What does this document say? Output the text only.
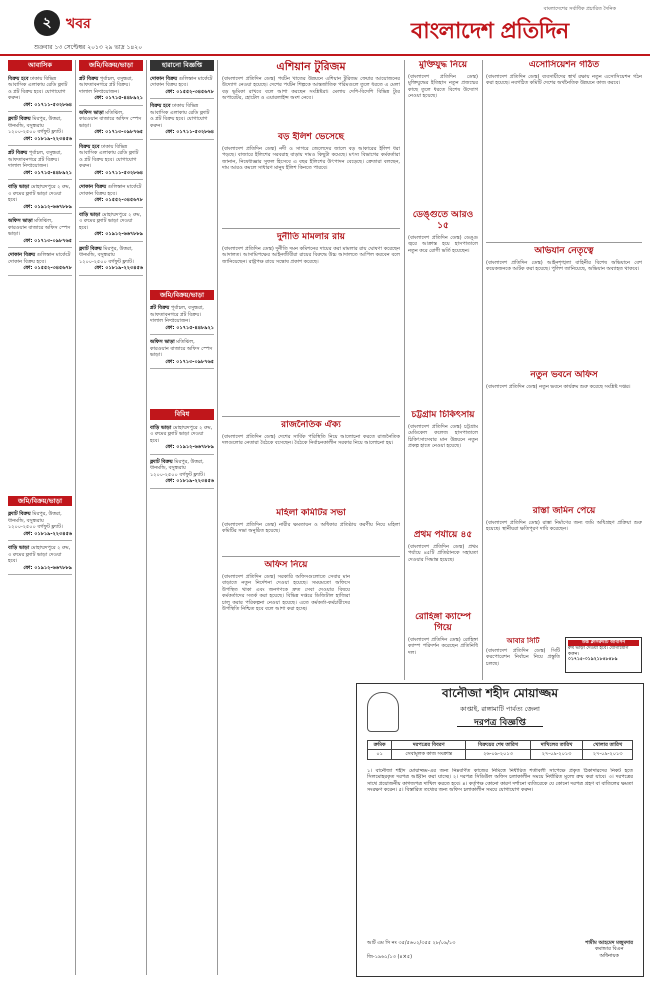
২	খবর
শুক্রবার ১৩ সেপ্টেম্বর ২০১৩ ২৯ ভাদ্র ১৪২০
বাংলাদেশের সর্বাধিক প্রচারিত দৈনিক
বাংলাদেশ প্রতিদিন
আবাসিক
বিক্রয় হবে ঢাকায় বিভিন্ন আবাসিক এলাকায় রেডি ফ্ল্যাট ও প্লট বিক্রয় হবে। যোগাযোগ করুন।
ফো: ০১৭১১-৫৩২৮৬৪
ফ্ল্যাট বিক্রয় মিরপুর, উত্তরা, ধানমন্ডি, বসুন্ধরায় ১২০০-২৫০০ বর্গফুট ফ্ল্যাট।
ফো: ০১৮১৯-২২৩৪৫৬
প্লট বিক্রয় পূর্বাচল, বসুন্ধরা, আফতাবনগরে প্লট বিক্রয়। দালাল নিষ্প্রয়োজন।
ফো: ০১৭১৫-৪৪৮৯২১
বাড়ি ভাড়া মোহাম্মদপুরে ২ রুম, ৩ রুমের ফ্ল্যাট ভাড়া দেওয়া হবে।
ফো: ০১৯১২-৬৬৭৮৮৯
অফিস ভাড়া মতিঝিল, কারওয়ান বাজারে অফিস স্পেস ভাড়া।
ফো: ০১৭১৩-০৯৮৭৬৫
দোকান বিক্রয় গুলিস্তান মার্কেটে দোকান বিক্রয় হবে।
ফো: ০১৫৫২-৩৪৫৬৭৮
জমি/বিক্রয়/ভাড়া
ফ্ল্যাট বিক্রয় মিরপুর, উত্তরা, ধানমন্ডি, বসুন্ধরায় ১২০০-২৫০০ বর্গফুট ফ্ল্যাট।
ফো: ০১৮১৯-২২৩৪৫৬
বাড়ি ভাড়া মোহাম্মদপুরে ২ রুম, ৩ রুমের ফ্ল্যাট ভাড়া দেওয়া হবে।
ফো: ০১৯১২-৬৬৭৮৮৯
জমি/বিক্রয়/ভাড়া
প্লট বিক্রয় পূর্বাচল, বসুন্ধরা, আফতাবনগরে প্লট বিক্রয়। দালাল নিষ্প্রয়োজন।
ফো: ০১৭১৫-৪৪৮৯২১
অফিস ভাড়া মতিঝিল, কারওয়ান বাজারে অফিস স্পেস ভাড়া।
ফো: ০১৭১৩-০৯৮৭৬৫
বিক্রয় হবে ঢাকায় বিভিন্ন আবাসিক এলাকায় রেডি ফ্ল্যাট ও প্লট বিক্রয় হবে। যোগাযোগ করুন।
ফো: ০১৭১১-৫৩২৮৬৪
দোকান বিক্রয় গুলিস্তান মার্কেটে দোকান বিক্রয় হবে।
ফো: ০১৫৫২-৩৪৫৬৭৮
বাড়ি ভাড়া মোহাম্মদপুরে ২ রুম, ৩ রুমের ফ্ল্যাট ভাড়া দেওয়া হবে।
ফো: ০১৯১২-৬৬৭৮৮৯
ফ্ল্যাট বিক্রয় মিরপুর, উত্তরা, ধানমন্ডি, বসুন্ধরায় ১২০০-২৫০০ বর্গফুট ফ্ল্যাট।
ফো: ০১৮১৯-২২৩৪৫৬
হারানো বিজ্ঞপ্তি
দোকান বিক্রয় গুলিস্তান মার্কেটে দোকান বিক্রয় হবে।
ফো: ০১৫৫২-৩৪৫৬৭৮
বিক্রয় হবে ঢাকায় বিভিন্ন আবাসিক এলাকায় রেডি ফ্ল্যাট ও প্লট বিক্রয় হবে। যোগাযোগ করুন।
ফো: ০১৭১১-৫৩২৮৬৪
জমি/বিক্রয়/ভাড়া
প্লট বিক্রয় পূর্বাচল, বসুন্ধরা, আফতাবনগরে প্লট বিক্রয়। দালাল নিষ্প্রয়োজন।
ফো: ০১৭১৫-৪৪৮৯২১
অফিস ভাড়া মতিঝিল, কারওয়ান বাজারে অফিস স্পেস ভাড়া।
ফো: ০১৭১৩-০৯৮৭৬৫
বিবিধ
বাড়ি ভাড়া মোহাম্মদপুরে ২ রুম, ৩ রুমের ফ্ল্যাট ভাড়া দেওয়া হবে।
ফো: ০১৯১২-৬৬৭৮৮৯
ফ্ল্যাট বিক্রয় মিরপুর, উত্তরা, ধানমন্ডি, বসুন্ধরায় ১২০০-২৫০০ বর্গফুট ফ্ল্যাট।
ফো: ০১৮১৯-২২৩৪৫৬
এশিয়ান টুরিজম

(বাংলাদেশ প্রতিদিন ডেস্ক) পর্যটন খাতের উন্নয়নে এশিয়ান টুরিজম ফেয়ার আয়োজনের উদ্যোগ নেওয়া হয়েছে। দেশের পর্যটন শিল্পকে আন্তর্জাতিক পরিমণ্ডলে তুলে ধরতে এ মেলা বড় ভূমিকা রাখবে বলে আশা করছেন সংশ্লিষ্টরা। মেলায় দেশি-বিদেশি বিভিন্ন ট্যুর অপারেটর, হোটেল ও এয়ারলাইন্স অংশ নেবে।

বড় ইলিশ ভেসেছে

(বাংলাদেশ প্রতিদিন ডেস্ক) নদী ও সাগরে জেলেদের জালে বড় আকারের ইলিশ ধরা পড়ছে। বাজারে ইলিশের সরবরাহ বাড়ায় দামও কিছুটা কমেছে। মৎস্য বিভাগের কর্মকর্তারা জানান, নিষেধাজ্ঞার সুফল হিসেবে এ বছর ইলিশের উৎপাদন বেড়েছে। ক্রেতারা বলছেন, দাম আরও কমলে সাধারণ মানুষ ইলিশ কিনতে পারবে।

দুর্নীতি মামলার রায়

(বাংলাদেশ প্রতিদিন ডেস্ক) দুর্নীতি দমন কমিশনের দায়ের করা মামলার রায় ঘোষণা করেছেন আদালত। আসামিপক্ষের আইনজীবীরা রায়ের বিরুদ্ধে উচ্চ আদালতে আপিল করবেন বলে জানিয়েছেন। রাষ্ট্রপক্ষ রায়ে সন্তোষ প্রকাশ করেছে।

রাজনৈতিক ঐক্য

(বাংলাদেশ প্রতিদিন ডেস্ক) দেশের সার্বিক পরিস্থিতি নিয়ে আলোচনা করতে রাজনৈতিক দলগুলোর নেতারা বৈঠকে বসেছেন। বৈঠকে নির্বাচনকালীন সরকার নিয়ে আলোচনা হয়।

মহিলা কমিটির সভা

(বাংলাদেশ প্রতিদিন ডেস্ক) নারীর ক্ষমতায়ন ও অধিকার প্রতিষ্ঠায় করণীয় নিয়ে মহিলা কমিটির সভা অনুষ্ঠিত হয়েছে।

অফিস নিয়ে

(বাংলাদেশ প্রতিদিন ডেস্ক) সরকারি অফিসগুলোতে সেবার মান বাড়াতে নতুন নির্দেশনা দেওয়া হয়েছে। সময়মতো অফিসে উপস্থিত থাকা এবং জনগণকে দ্রুত সেবা দেওয়ার বিষয়ে কর্মকর্তাদের সতর্ক করা হয়েছে। বিভিন্ন দপ্তরে ডিজিটাল হাজিরা চালু করার পরিকল্পনা নেওয়া হয়েছে। এতে কর্মকর্তা-কর্মচারীদের উপস্থিতি নিশ্চিত হবে বলে আশা করা হচ্ছে।

মুক্তিযুদ্ধ নিয়ে

(বাংলাদেশ প্রতিদিন ডেস্ক) মুক্তিযুদ্ধের ইতিহাস নতুন প্রজন্মের কাছে তুলে ধরতে বিশেষ উদ্যোগ নেওয়া হয়েছে।

ডেঙ্গুতে আরও ১৫

(বাংলাদেশ প্রতিদিন ডেস্ক) ডেঙ্গু জ্বরে আক্রান্ত হয়ে হাসপাতালে নতুন করে রোগী ভর্তি হয়েছেন।

চট্টগ্রাম চিকিৎসায়

(বাংলাদেশ প্রতিদিন ডেস্ক) চট্টগ্রাম মেডিকেল কলেজ হাসপাতালে চিকিৎসাসেবার মান উন্নয়নে নতুন প্রকল্প হাতে নেওয়া হয়েছে।

প্রথম পর্যায়ে ৪৫

(বাংলাদেশ প্রতিদিন ডেস্ক) প্রথম পর্যায়ে ৪৫টি প্রতিষ্ঠানকে সহায়তা দেওয়ার সিদ্ধান্ত হয়েছে।

রোহিঙ্গা ক্যাম্পে গিয়ে

(বাংলাদেশ প্রতিদিন ডেস্ক) রোহিঙ্গা ক্যাম্প পরিদর্শন করেছেন প্রতিনিধি দল।

এসোসিয়েশন গঠিত

(বাংলাদেশ প্রতিদিন ডেস্ক) ব্যবসায়ীদের স্বার্থ রক্ষায় নতুন এসোসিয়েশন গঠন করা হয়েছে। নবগঠিত কমিটি দেশের অর্থনৈতিক উন্নয়নে কাজ করবে।

অভিযান নেতৃত্বে

(বাংলাদেশ প্রতিদিন ডেস্ক) আইনশৃঙ্খলা বাহিনীর বিশেষ অভিযানে বেশ কয়েকজনকে আটক করা হয়েছে। পুলিশ জানিয়েছে, অভিযান অব্যাহত থাকবে।

নতুন ভবনে অফিস

(বাংলাদেশ প্রতিদিন ডেস্ক) নতুন ভবনে কার্যক্রম শুরু করেছে সংশ্লিষ্ট দপ্তর।

রাস্তা জমিন পেয়ে

(বাংলাদেশ প্রতিদিন ডেস্ক) রাস্তা নির্মাণের জন্য জমি অধিগ্রহণ প্রক্রিয়া শুরু হয়েছে। স্থানীয়রা ক্ষতিপূরণ দাবি করেছেন।

আবার সিটি

(বাংলাদেশ প্রতিদিন ডেস্ক) সিটি করপোরেশন নির্বাচন নিয়ে প্রস্তুতি চলছে।

উচ্চ ক্লাসরুমটি আবাসন
রুম ভাড়া দেওয়া হবে। যোগাযোগ করুন।
০১৭১৫-০১৯২১৮৪৮৪৮৯
বানৌজা শহীদ মোয়াজ্জম
কাপ্তাই, রাঙ্গামাটি পার্বত্য জেলা
দরপত্র বিজ্ঞপ্তি
ক্রমিক	দরপত্রের বিবরণ	বিক্রয়ের শেষ তারিখ	দাখিলের তারিখ	খোলার তারিখ
০১	সেবামূলক কাজ সংক্রান্ত	২৬-০৯-২০১৩	২৭-০৯-২০১৩	২৭-০৯-২০১৩
১। বানৌজা শহীদ মোয়াজ্জম-এর জন্য নিম্নবর্ণিত কাজের নিমিত্তে নির্ধারিত শর্তাবলী সাপেক্ষে প্রকৃত ঠিকাদারদের নিকট হতে সিলমোহরকৃত দরপত্র আহ্বান করা যাচ্ছে। ২। দরপত্র সিডিউল অফিস চলাকালীন সময়ে নির্ধারিত মূল্যে ক্রয় করা যাবে। ৩। দরপত্রের সাথে প্রয়োজনীয় কাগজপত্র দাখিল করতে হবে। ৪। কর্তৃপক্ষ কোনো কারণ দর্শানো ব্যতিরেকে যে কোনো দরপত্র গ্রহণ বা বাতিলের ক্ষমতা সংরক্ষণ করেন। ৫। বিস্তারিত তথ্যের জন্য অফিস চলাকালীন সময়ে যোগাযোগ করুন।
আর্ট এম সি নং ৩৫/৫৬০২/৩৫৫ ২৮/০৯/১৩
জি-১৯৬১/১৩ (৪×৫)
শামীম আহমেদ মজুমদার
কমান্ডার বিএন
অধিনায়ক
